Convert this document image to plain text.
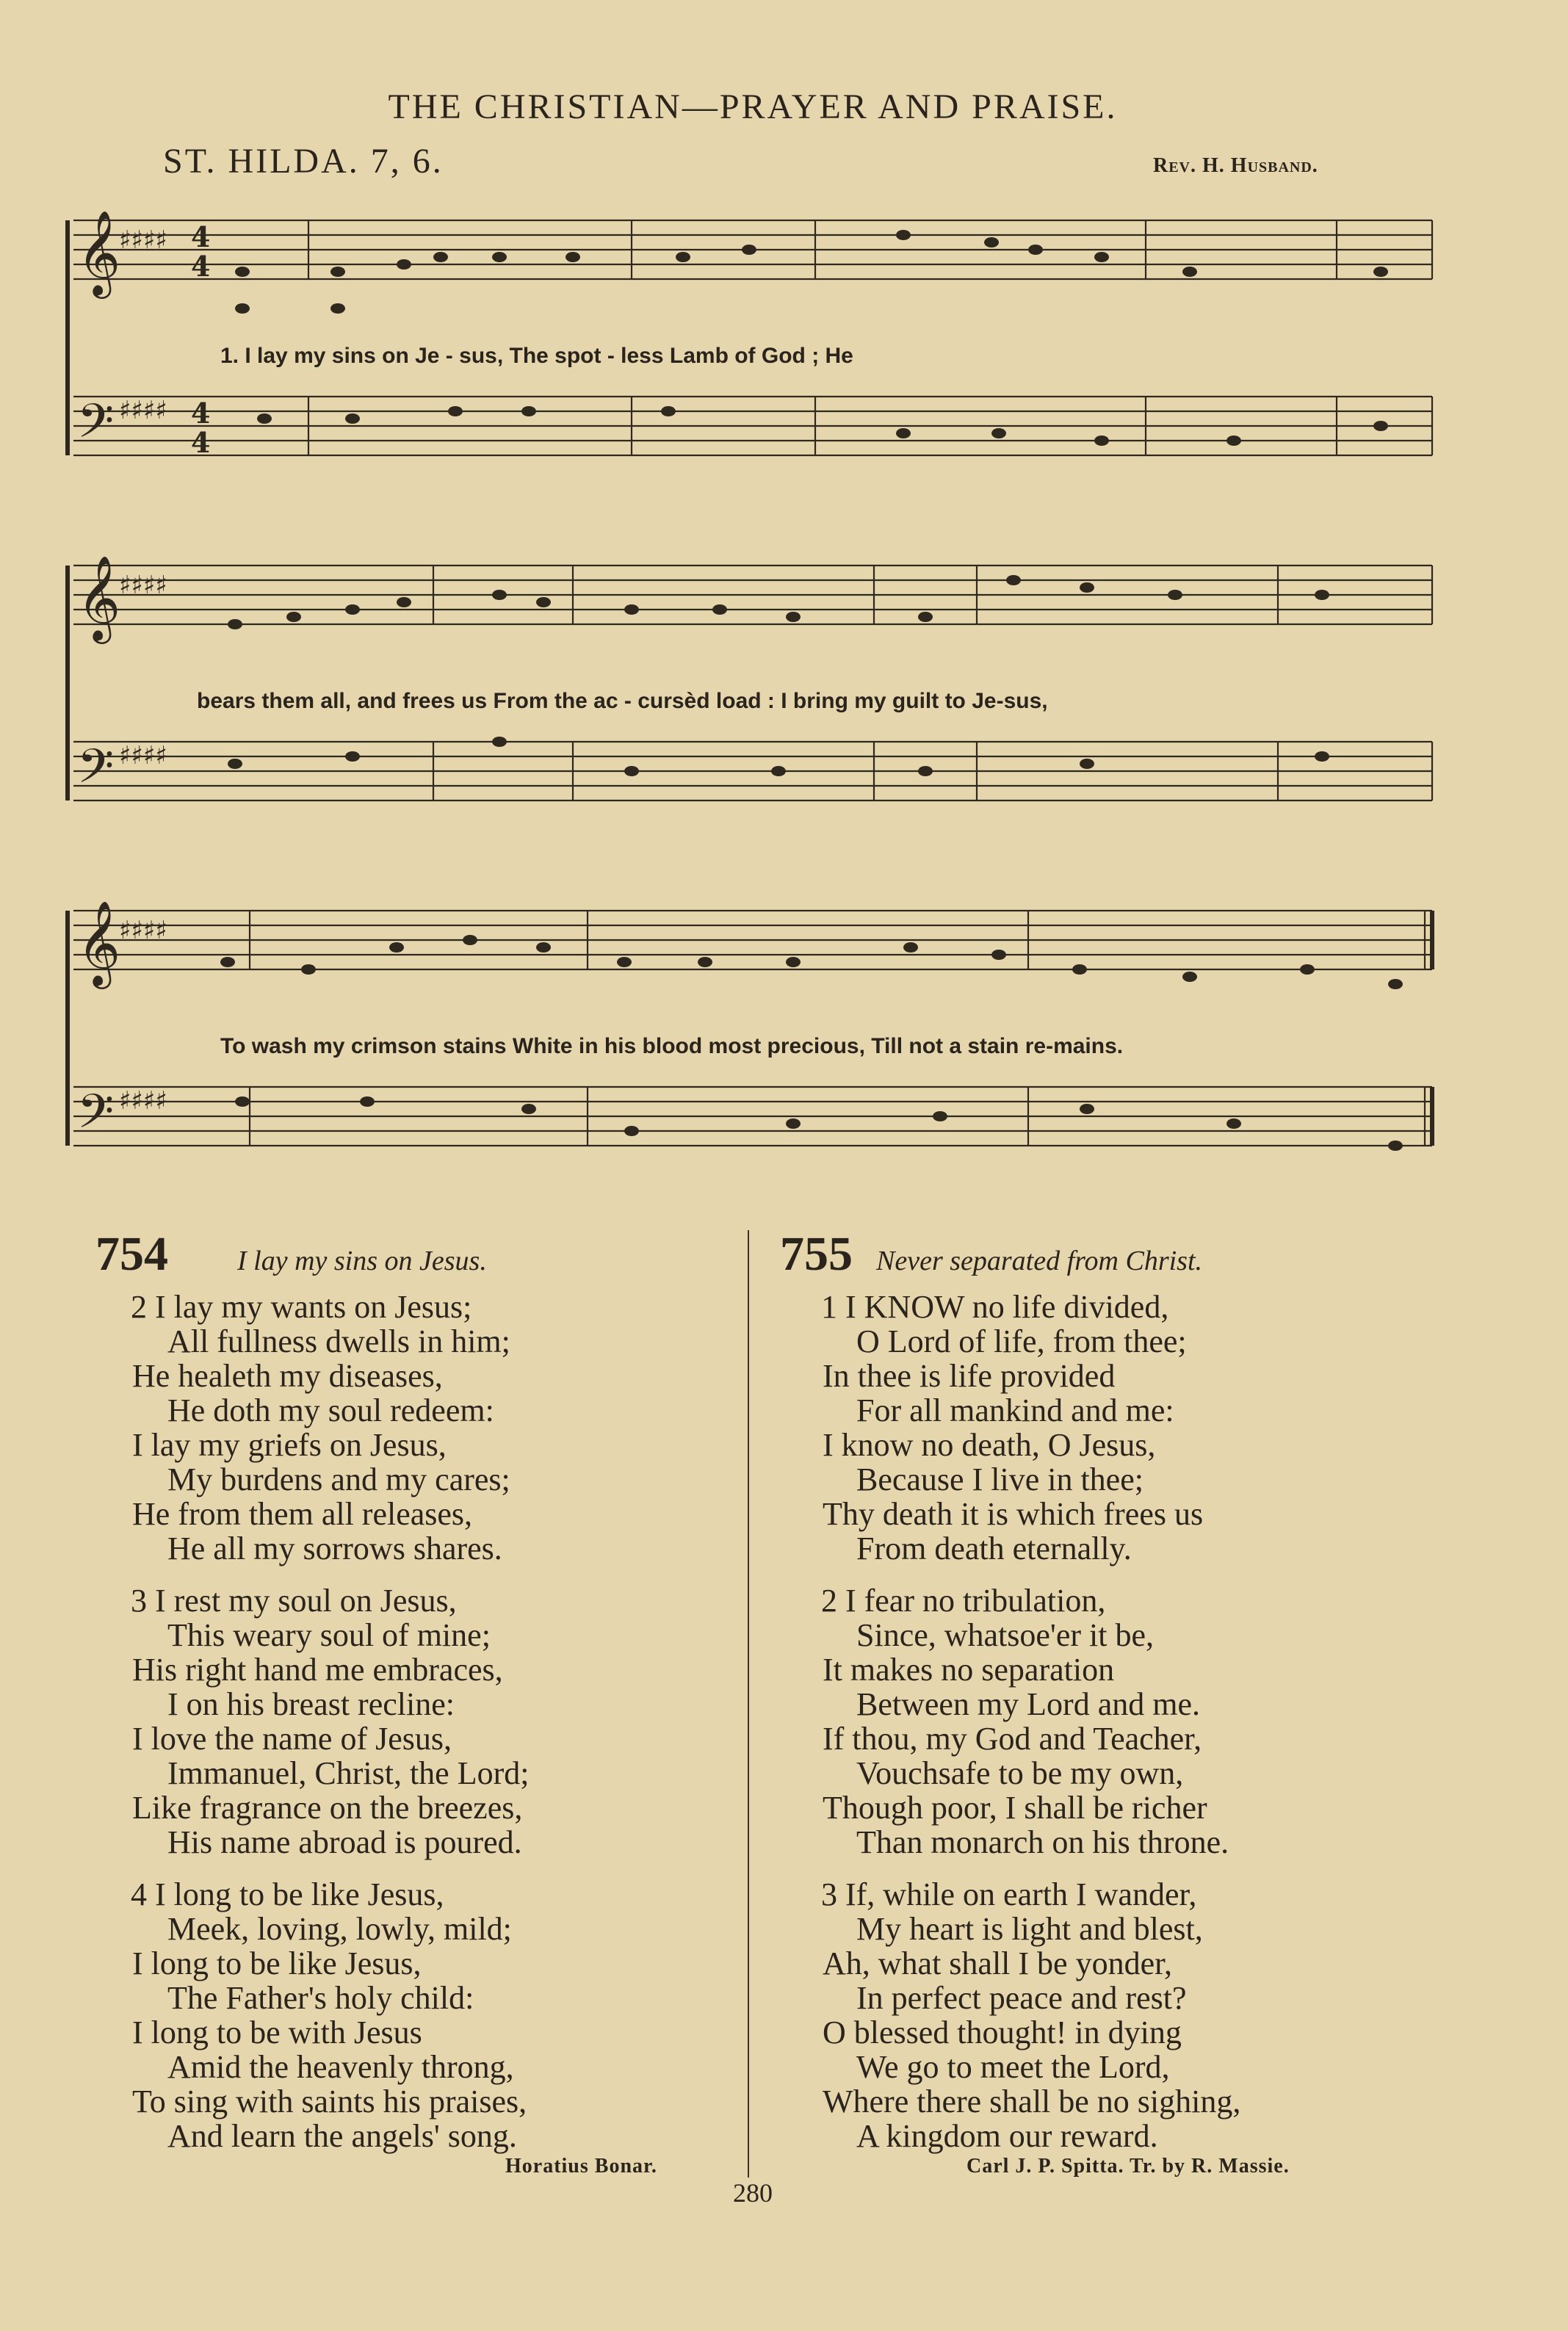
THE CHRISTIAN—PRAYER AND PRAISE.
ST. HILDA. 7, 6.	Rev. H. Husband.
𝄞
𝄢
𝄞
𝄢
𝄞
𝄢
♯♯♯♯
♯♯♯♯
♯♯♯♯
♯♯♯♯
♯♯♯♯
♯♯♯♯
4
4
4
4
1. I lay my sins on Je - sus, The spot - less Lamb of God ; He
bears them all, and frees us From the ac - cursèd load : I bring my guilt to Je-sus,
To wash my crimson stains White in his blood most precious, Till not a stain re-mains.
754 I lay my sins on Jesus.
2 I lay my wants on Jesus;
All fullness dwells in him;
He healeth my diseases,
He doth my soul redeem:
I lay my griefs on Jesus,
My burdens and my cares;
He from them all releases,
He all my sorrows shares.
3 I rest my soul on Jesus,
This weary soul of mine;
His right hand me embraces,
I on his breast recline:
I love the name of Jesus,
Immanuel, Christ, the Lord;
Like fragrance on the breezes,
His name abroad is poured.
4 I long to be like Jesus,
Meek, loving, lowly, mild;
I long to be like Jesus,
The Father's holy child:
I long to be with Jesus
Amid the heavenly throng,
To sing with saints his praises,
And learn the angels' song.
Horatius Bonar.
755 Never separated from Christ.
1 I KNOW no life divided,
O Lord of life, from thee;
In thee is life provided
For all mankind and me:
I know no death, O Jesus,
Because I live in thee;
Thy death it is which frees us
From death eternally.
2 I fear no tribulation,
Since, whatsoe'er it be,
It makes no separation
Between my Lord and me.
If thou, my God and Teacher,
Vouchsafe to be my own,
Though poor, I shall be richer
Than monarch on his throne.
3 If, while on earth I wander,
My heart is light and blest,
Ah, what shall I be yonder,
In perfect peace and rest?
O blessed thought! in dying
We go to meet the Lord,
Where there shall be no sighing,
A kingdom our reward.
Carl J. P. Spitta. Tr. by R. Massie.
280
